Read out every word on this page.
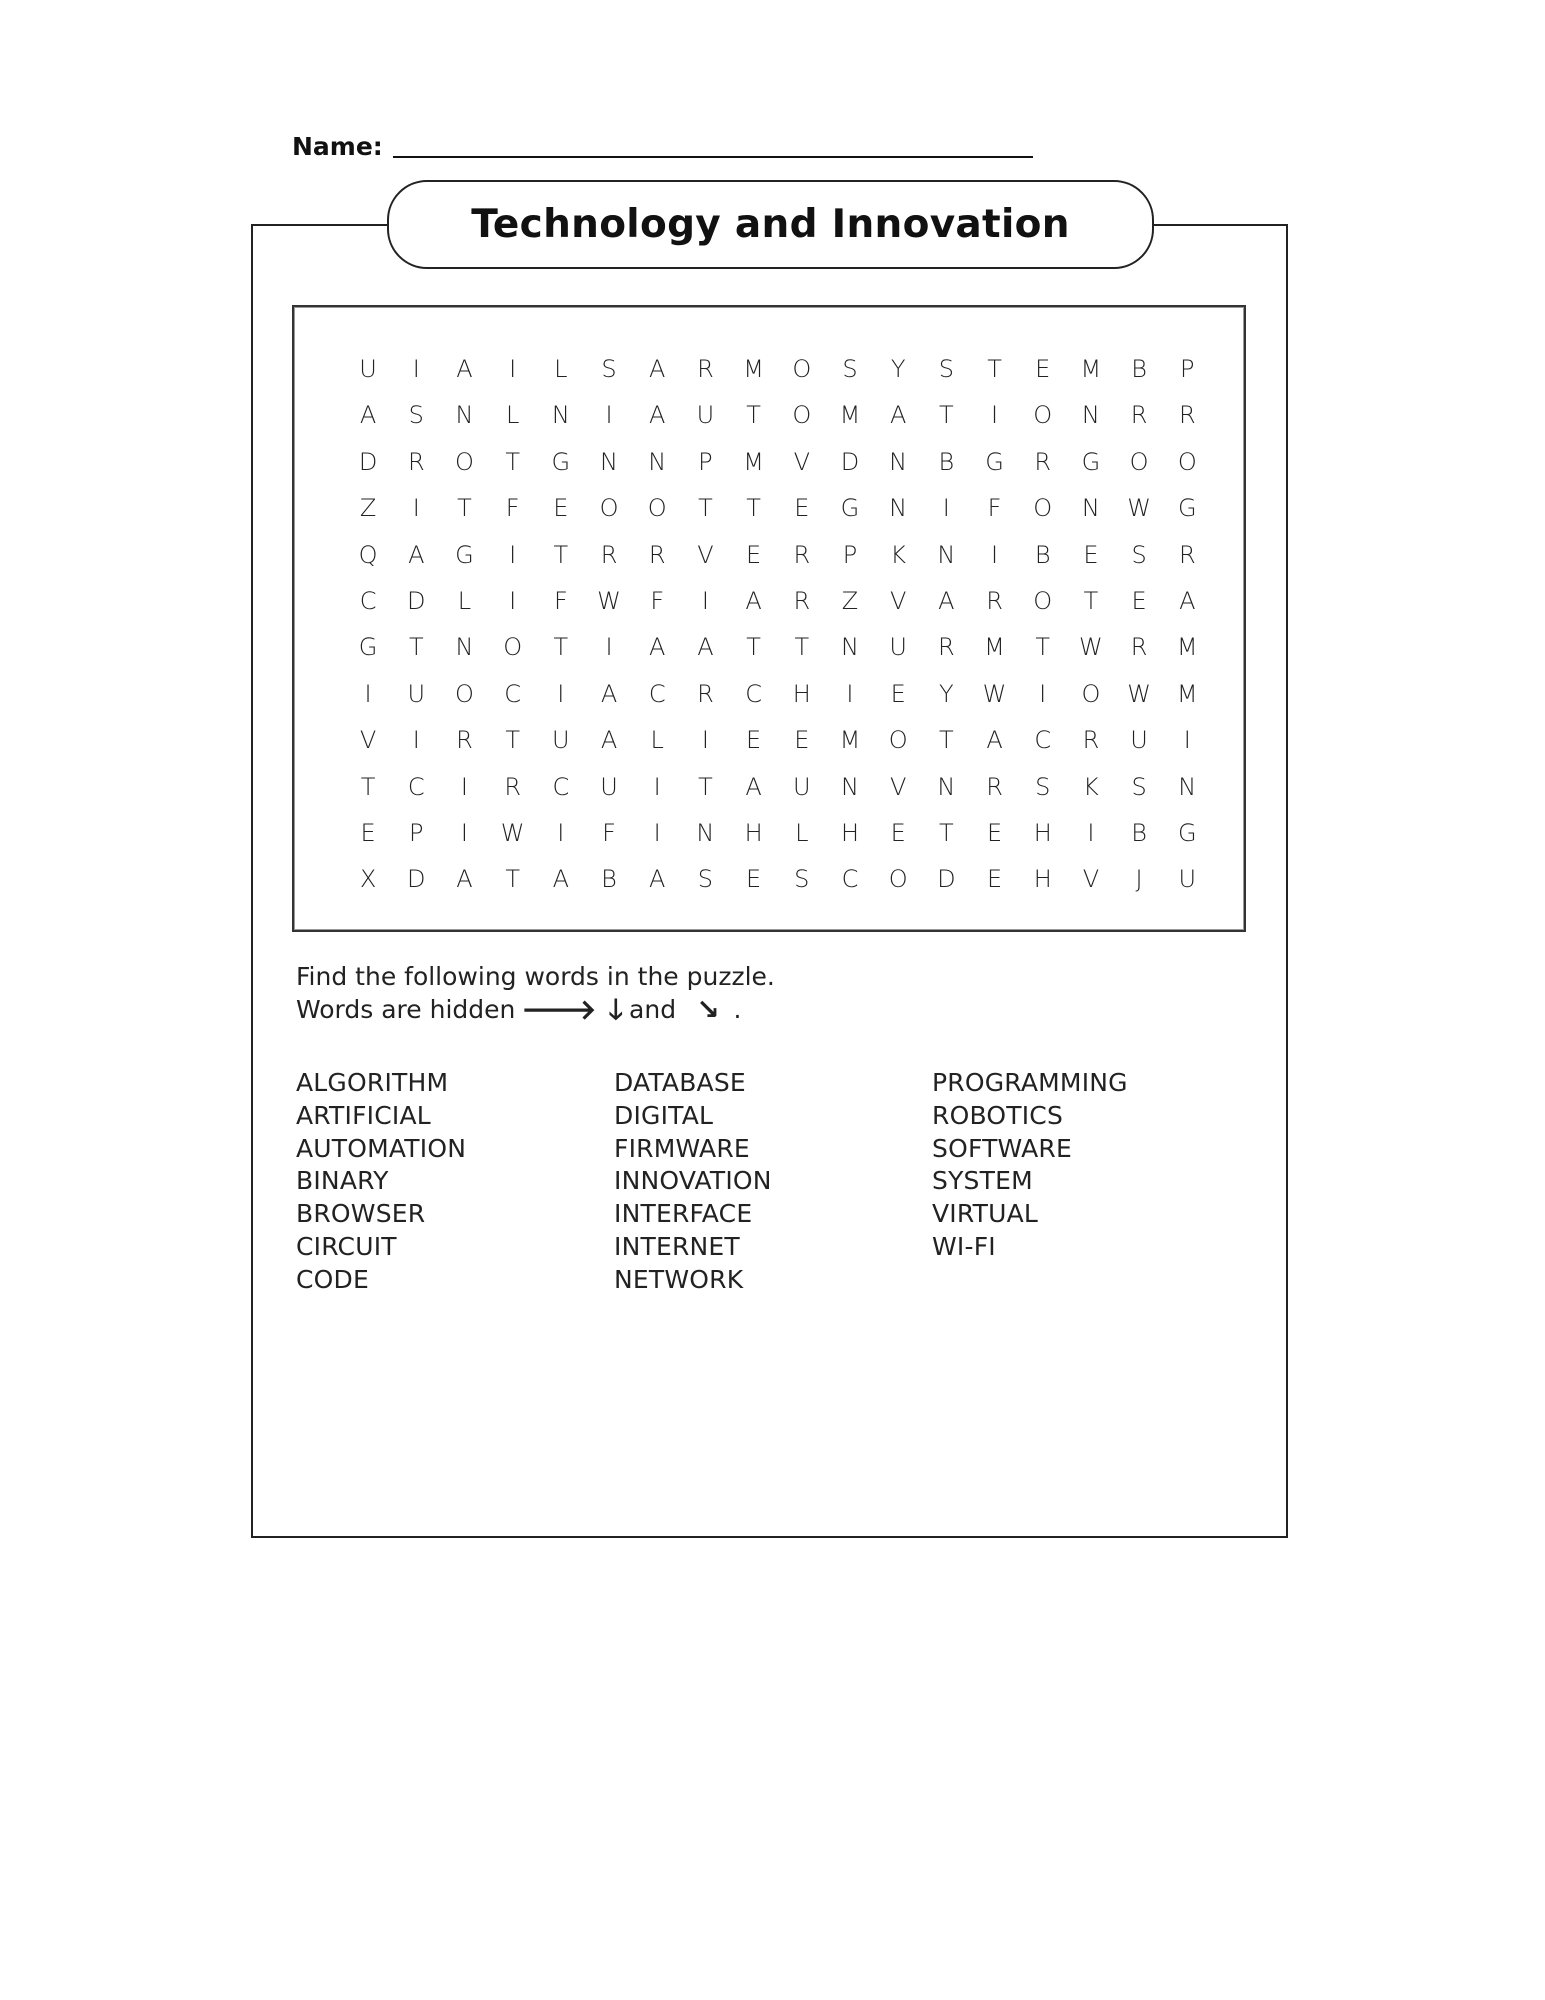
Name:
Technology and Innovation
U	I	A	I	L	S	A	R	M	O	S	Y	S	T	E	M	B	P
A	S	N	L	N	I	A	U	T	O	M	A	T	I	O	N	R	R
D	R	O	T	G	N	N	P	M	V	D	N	B	G	R	G	O	O
Z	I	T	F	E	O	O	T	T	E	G	N	I	F	O	N	W	G
Q	A	G	I	T	R	R	V	E	R	P	K	N	I	B	E	S	R
C	D	L	I	F	W	F	I	A	R	Z	V	A	R	O	T	E	A
G	T	N	O	T	I	A	A	T	T	N	U	R	M	T	W	R	M
I	U	O	C	I	A	C	R	C	H	I	E	Y	W	I	O	W	M
V	I	R	T	U	A	L	I	E	E	M	O	T	A	C	R	U	I
T	C	I	R	C	U	I	T	A	U	N	V	N	R	S	K	S	N
E	P	I	W	I	F	I	N	H	L	H	E	T	E	H	I	B	G
X	D	A	T	A	B	A	S	E	S	C	O	D	E	H	V	J	U
Find the following words in the puzzle.
Words are hidden 🡒 🡓 and ↘ .
ALGORITHM
ARTIFICIAL
AUTOMATION
BINARY
BROWSER
CIRCUIT
CODE
DATABASE
DIGITAL
FIRMWARE
INNOVATION
INTERFACE
INTERNET
NETWORK
PROGRAMMING
ROBOTICS
SOFTWARE
SYSTEM
VIRTUAL
WI-FI
